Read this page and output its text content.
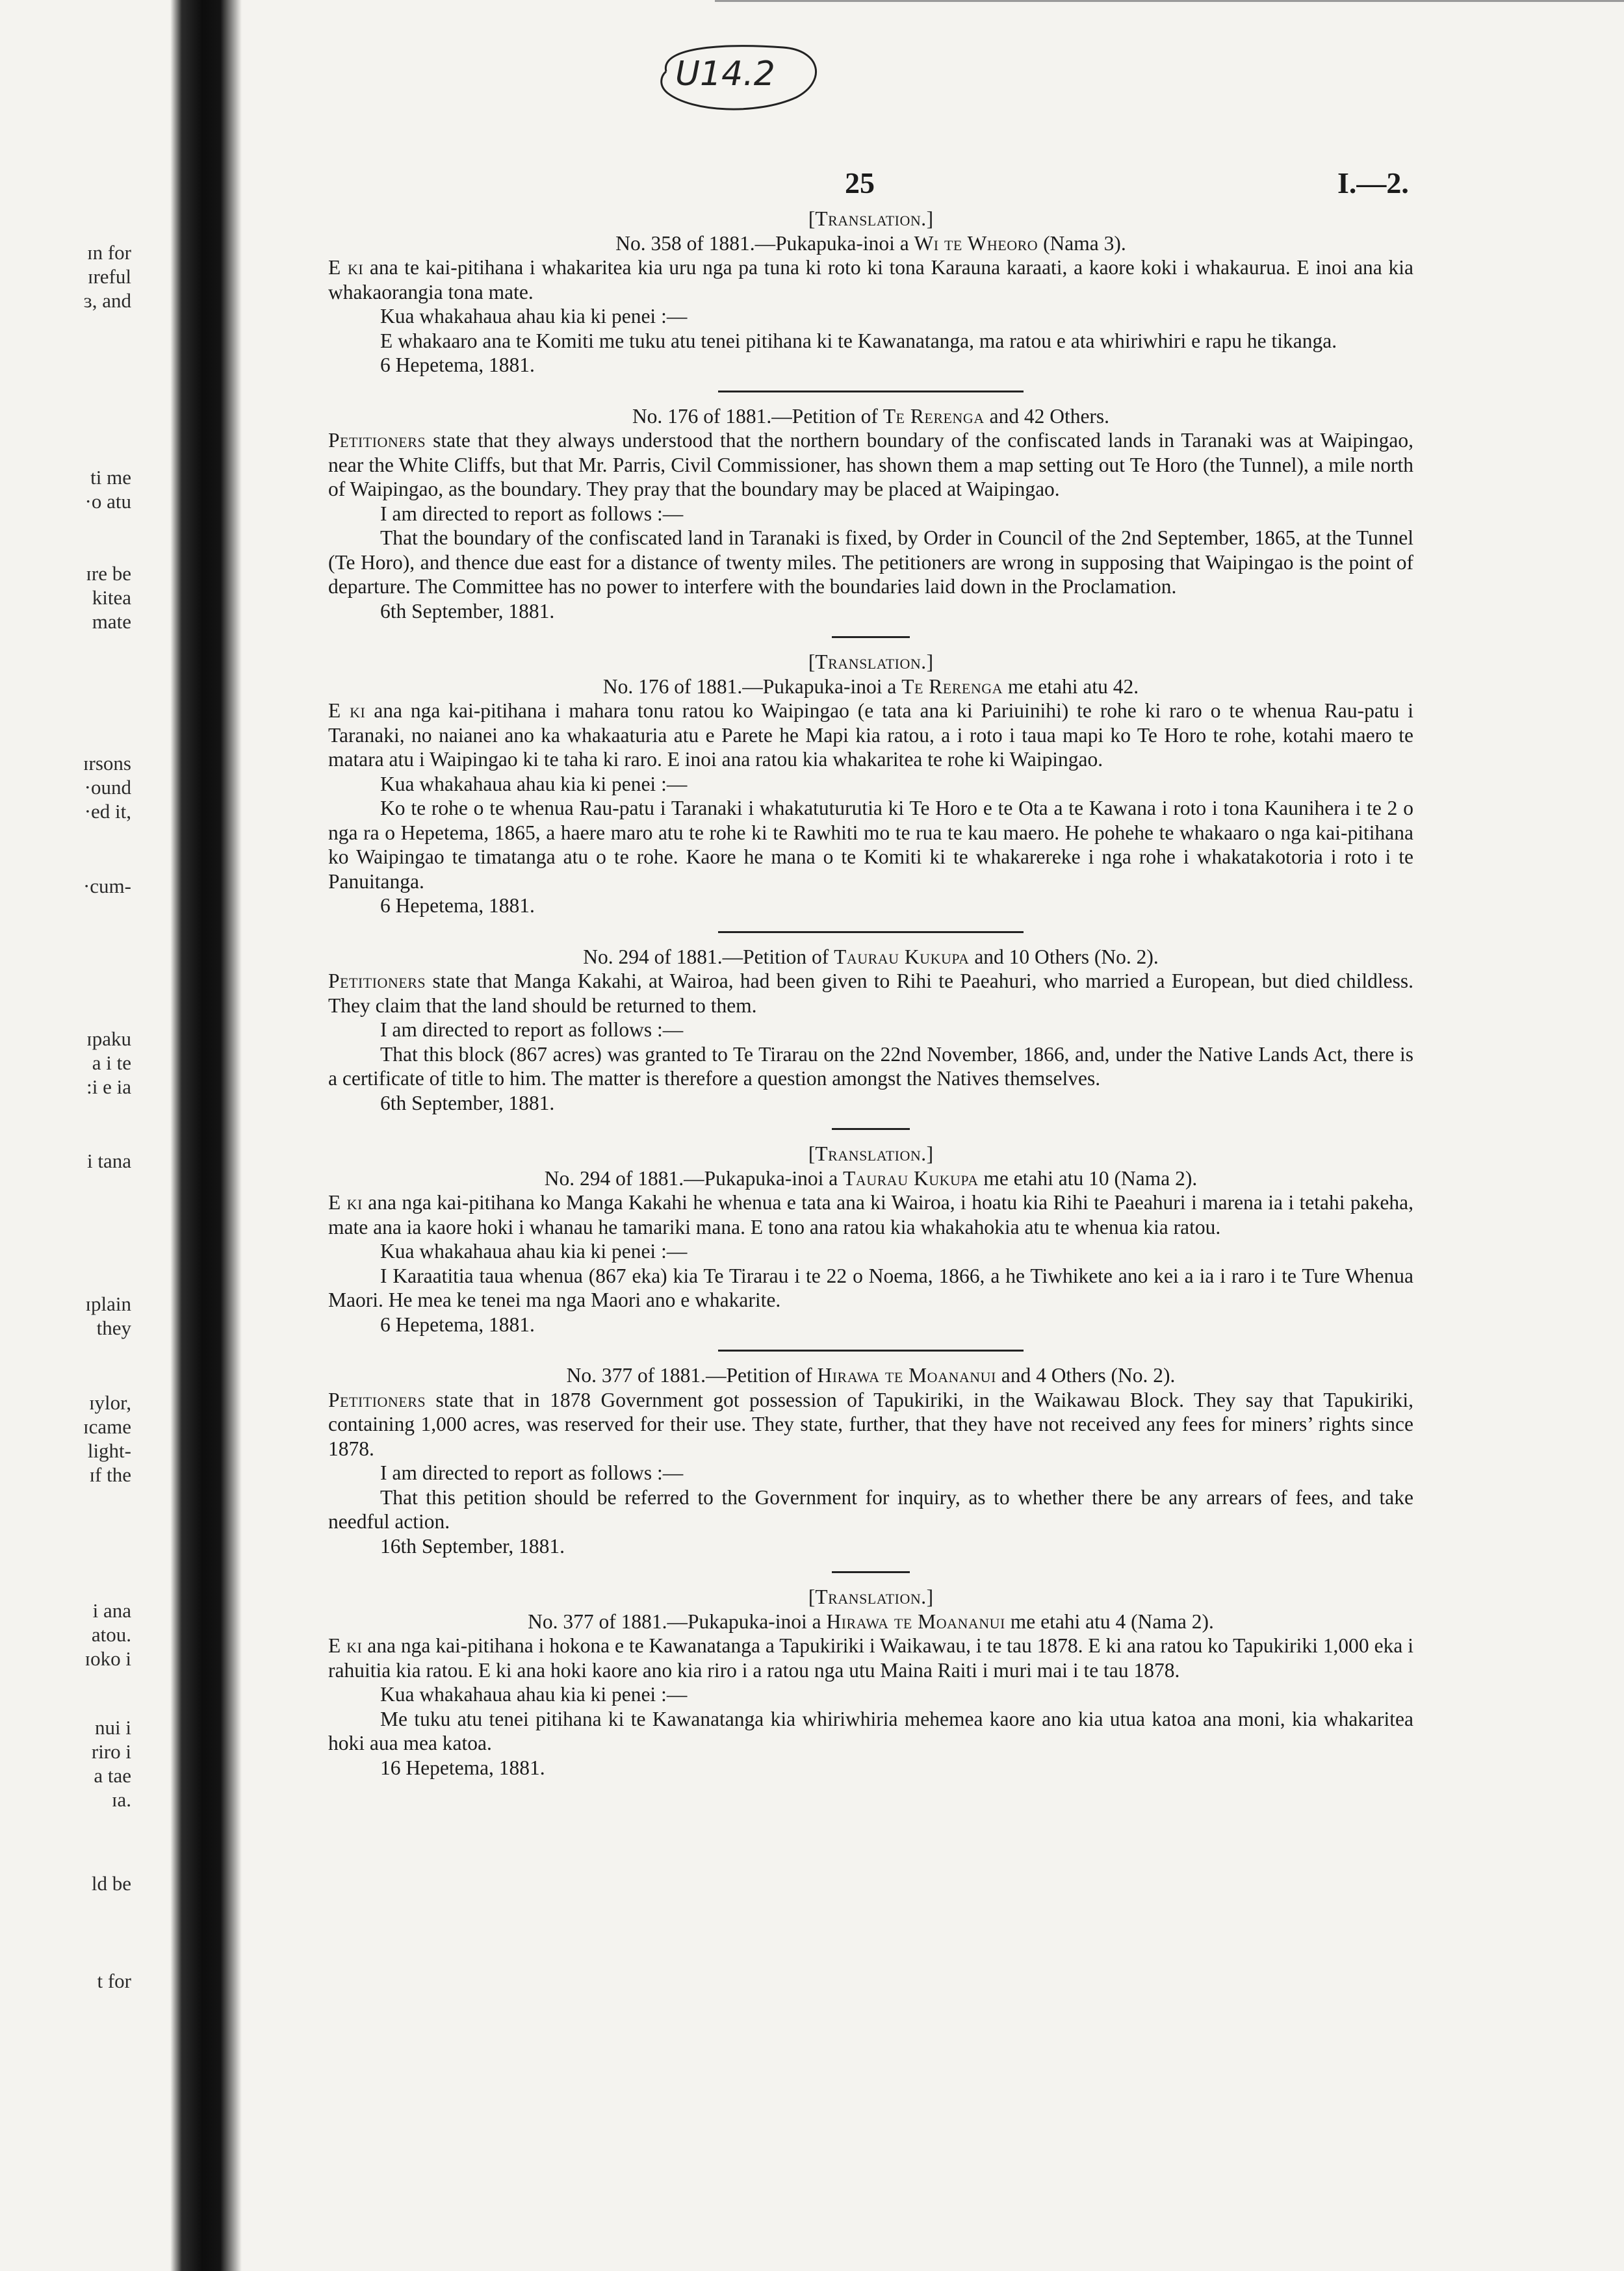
ɪn for
ɪreful
ɜ, and
ti me
·o atu
ɪre be
kitea
mate
ɪrsons
·ound
·ed it,
·cum-
ɪpaku
a i te
:i e ia
i tana
ɪplain
they
ɪylor,
ɪcame
light-
ɪf the
i ana
atou.
ɪoko i
nui i
riro i
a tae
ɪa.
ld be
t for
U14.2
25	I.—2.

[Translation.]

No. 358 of 1881.—Pukapuka-inoi a Wi te Wheoro (Nama 3).

E ki ana te kai-pitihana i whakaritea kia uru nga pa tuna ki roto ki tona Karauna karaati, a kaore koki i whakaurua. E inoi ana kia whakaorangia tona mate.

Kua whakahaua ahau kia ki penei :—

E whakaaro ana te Komiti me tuku atu tenei pitihana ki te Kawanatanga, ma ratou e ata whiriwhiri e rapu he tikanga.

6 Hepetema, 1881.

No. 176 of 1881.—Petition of Te Rerenga and 42 Others.

Petitioners state that they always understood that the northern boundary of the confiscated lands in Taranaki was at Waipingao, near the White Cliffs, but that Mr. Parris, Civil Commissioner, has shown them a map setting out Te Horo (the Tunnel), a mile north of Waipingao, as the boundary. They pray that the boundary may be placed at Waipingao.

I am directed to report as follows :—

That the boundary of the confiscated land in Taranaki is fixed, by Order in Council of the 2nd September, 1865, at the Tunnel (Te Horo), and thence due east for a distance of twenty miles. The petitioners are wrong in supposing that Waipingao is the point of departure. The Committee has no power to interfere with the boundaries laid down in the Proclamation.

6th September, 1881.

[Translation.]

No. 176 of 1881.—Pukapuka-inoi a Te Rerenga me etahi atu 42.

E ki ana nga kai-pitihana i mahara tonu ratou ko Waipingao (e tata ana ki Pariuinihi) te rohe ki raro o te whenua Rau-patu i Taranaki, no naianei ano ka whakaaturia atu e Parete he Mapi kia ratou, a i roto i taua mapi ko Te Horo te rohe, kotahi maero te matara atu i Waipingao ki te taha ki raro. E inoi ana ratou kia whakaritea te rohe ki Waipingao.

Kua whakahaua ahau kia ki penei :—

Ko te rohe o te whenua Rau-patu i Taranaki i whakatuturutia ki Te Horo e te Ota a te Kawana i roto i tona Kaunihera i te 2 o nga ra o Hepetema, 1865, a haere maro atu te rohe ki te Rawhiti mo te rua te kau maero. He pohehe te whakaaro o nga kai-pitihana ko Waipingao te timatanga atu o te rohe. Kaore he mana o te Komiti ki te whakarereke i nga rohe i whakatakotoria i roto i te Panuitanga.

6 Hepetema, 1881.

No. 294 of 1881.—Petition of Taurau Kukupa and 10 Others (No. 2).

Petitioners state that Manga Kakahi, at Wairoa, had been given to Rihi te Paeahuri, who married a European, but died childless. They claim that the land should be returned to them.

I am directed to report as follows :—

That this block (867 acres) was granted to Te Tirarau on the 22nd November, 1866, and, under the Native Lands Act, there is a certificate of title to him. The matter is therefore a question amongst the Natives themselves.

6th September, 1881.

[Translation.]

No. 294 of 1881.—Pukapuka-inoi a Taurau Kukupa me etahi atu 10 (Nama 2).

E ki ana nga kai-pitihana ko Manga Kakahi he whenua e tata ana ki Wairoa, i hoatu kia Rihi te Paeahuri i marena ia i tetahi pakeha, mate ana ia kaore hoki i whanau he tamariki mana. E tono ana ratou kia whakahokia atu te whenua kia ratou.

Kua whakahaua ahau kia ki penei :—

I Karaatitia taua whenua (867 eka) kia Te Tirarau i te 22 o Noema, 1866, a he Tiwhikete ano kei a ia i raro i te Ture Whenua Maori. He mea ke tenei ma nga Maori ano e whakarite.

6 Hepetema, 1881.

No. 377 of 1881.—Petition of Hirawa te Moananui and 4 Others (No. 2).

Petitioners state that in 1878 Government got possession of Tapukiriki, in the Waikawau Block. They say that Tapukiriki, containing 1,000 acres, was reserved for their use. They state, further, that they have not received any fees for miners’ rights since 1878.

I am directed to report as follows :—

That this petition should be referred to the Government for inquiry, as to whether there be any arrears of fees, and take needful action.

16th September, 1881.

[Translation.]

No. 377 of 1881.—Pukapuka-inoi a Hirawa te Moananui me etahi atu 4 (Nama 2).

E ki ana nga kai-pitihana i hokona e te Kawanatanga a Tapukiriki i Waikawau, i te tau 1878. E ki ana ratou ko Tapukiriki 1,000 eka i rahuitia kia ratou. E ki ana hoki kaore ano kia riro i a ratou nga utu Maina Raiti i muri mai i te tau 1878.

Kua whakahaua ahau kia ki penei :—

Me tuku atu tenei pitihana ki te Kawanatanga kia whiriwhiria mehemea kaore ano kia utua katoa ana moni, kia whakaritea hoki aua mea katoa.

16 Hepetema, 1881.
